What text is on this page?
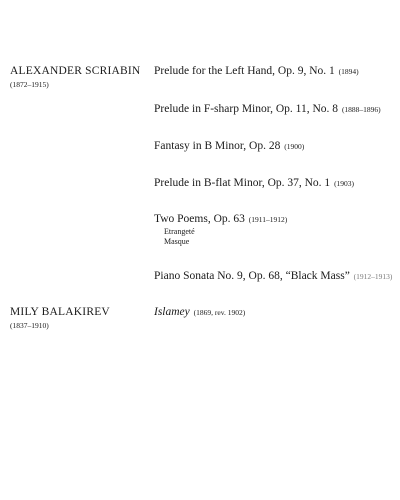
ALEXANDER SCRIABIN
(1872–1915)
Prelude for the Left Hand, Op. 9, No. 1 (1894)
Prelude in F-sharp Minor, Op. 11, No. 8 (1888–1896)
Fantasy in B Minor, Op. 28 (1900)
Prelude in B-flat Minor, Op. 37, No. 1 (1903)
Two Poems, Op. 63 (1911–1912)
Etrangeté
Masque
Piano Sonata No. 9, Op. 68, “Black Mass” (1912–1913)
MILY BALAKIREV
(1837–1910)
Islamey (1869, rev. 1902)
